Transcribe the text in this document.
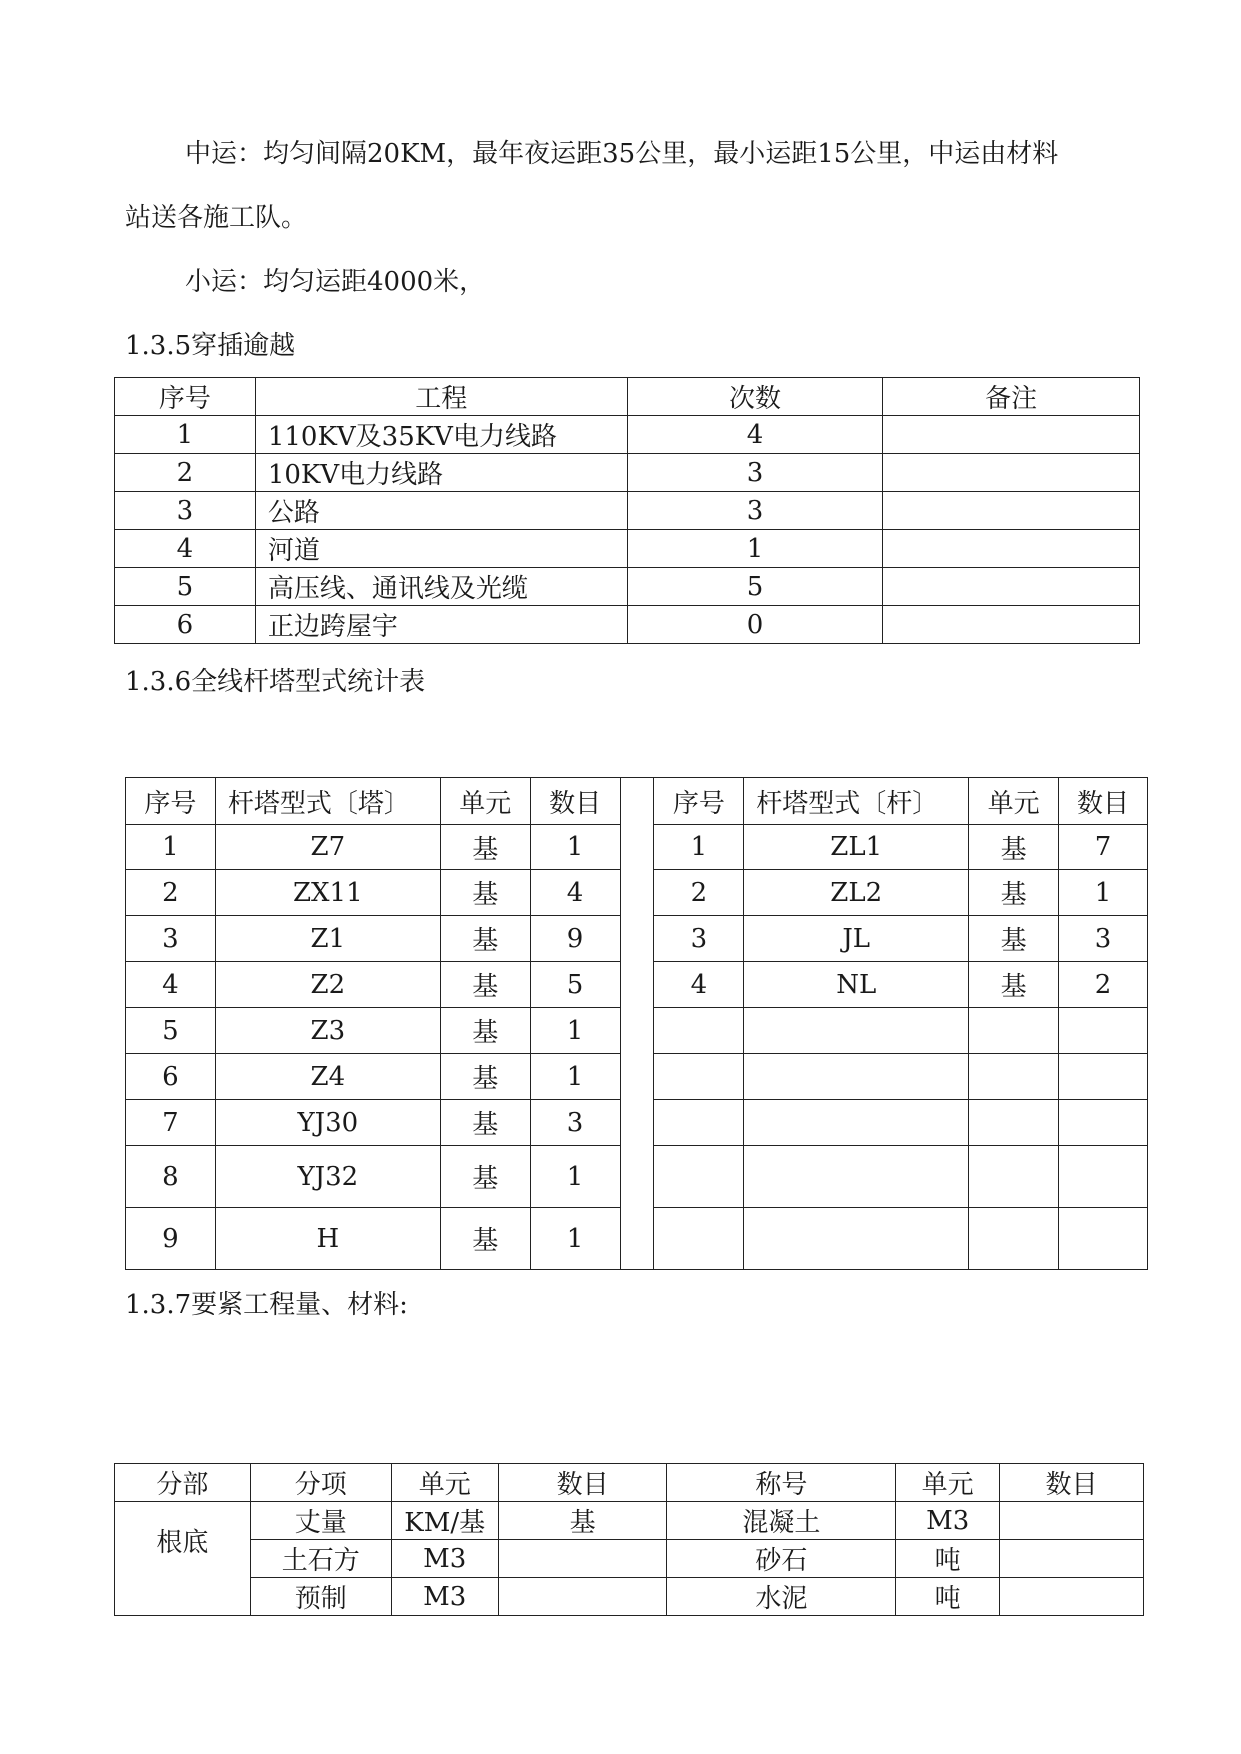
中运：均匀间隔20KM，最年夜运距35公里，最小运距15公里，中运由材料
站送各施工队。
小运：均匀运距4000米，
1.3.5穿插逾越
序号	工程	次数	备注
1	110KV及35KV电力线路	4	
2	10KV电力线路	3	
3	公路	3	
4	河道	1	
5	高压线、通讯线及光缆	5	
6	正边跨屋宇	0	
1.3.6全线杆塔型式统计表
序号	杆塔型式〔塔〕	单元	数目		序号	杆塔型式〔杆〕	单元	数目
1	Z7	基	1		1	ZL1	基	7
2	ZX11	基	4		2	ZL2	基	1
3	Z1	基	9		3	JL	基	3
4	Z2	基	5		4	NL	基	2
5	Z3	基	1					
6	Z4	基	1					
7	YJ30	基	3					
8	YJ32	基	1					
9	H	基	1					
1.3.7要紧工程量、材料:
分部	分项	单元	数目	称号	单元	数目
根底	丈量	KM/基	基	混凝土	M3	
	土石方	M3		砂石	吨	
	预制	M3		水泥	吨	
